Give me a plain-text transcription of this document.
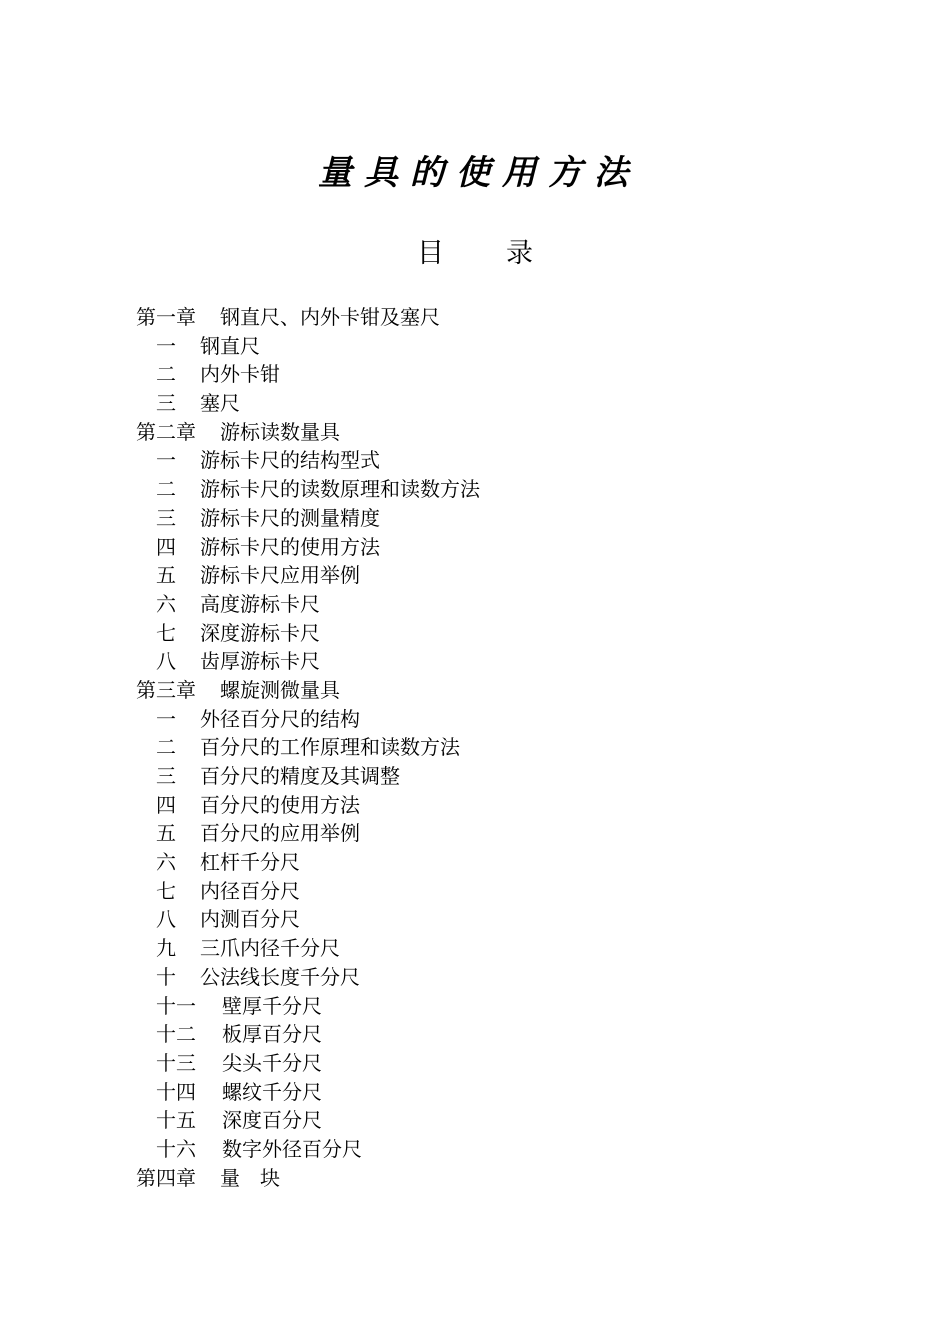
量具的使用方法
目 录
第一章 钢直尺、内外卡钳及塞尺
一 钢直尺
二 内外卡钳
三 塞尺
第二章 游标读数量具
一 游标卡尺的结构型式
二 游标卡尺的读数原理和读数方法
三 游标卡尺的测量精度
四 游标卡尺的使用方法
五 游标卡尺应用举例
六 高度游标卡尺
七 深度游标卡尺
八 齿厚游标卡尺
第三章 螺旋测微量具
一 外径百分尺的结构
二 百分尺的工作原理和读数方法
三 百分尺的精度及其调整
四 百分尺的使用方法
五 百分尺的应用举例
六 杠杆千分尺
七 内径百分尺
八 内测百分尺
九 三爪内径千分尺
十 公法线长度千分尺
十一 壁厚千分尺
十二 板厚百分尺
十三 尖头千分尺
十四 螺纹千分尺
十五 深度百分尺
十六 数字外径百分尺
第四章 量　块
